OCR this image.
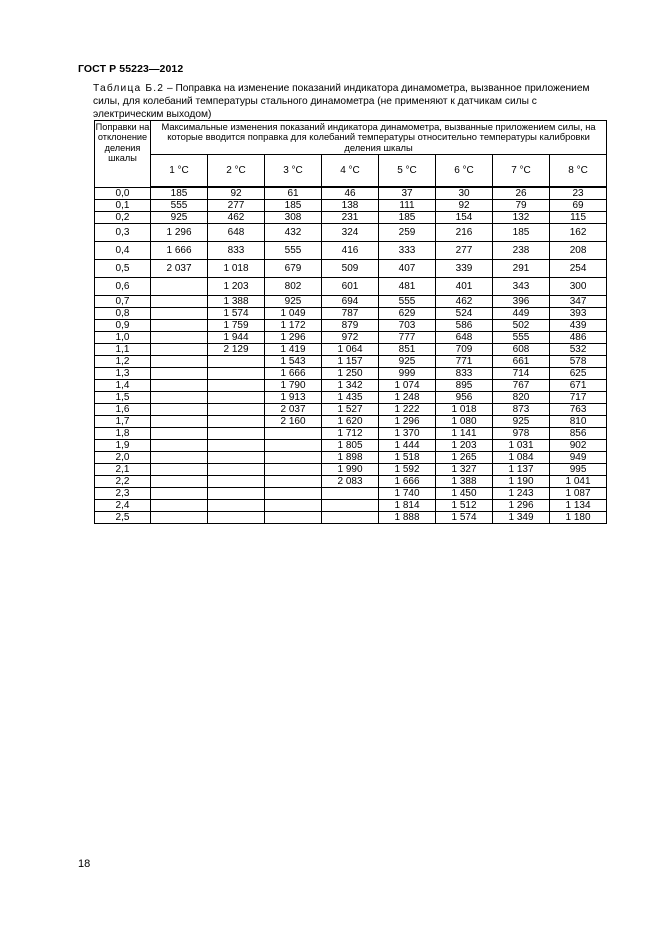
ГОСТ Р 55223—2012

Таблица Б.2 – Поправка на изменение показаний индикатора динамометра, вызванное приложением силы, для колебаний температуры стального динамометра (не применяют к датчикам силы с электрическим выходом)

Поправки на отклонение деления шкалы	Максимальные изменения показаний индикатора динамометра, вызванные приложением силы, на которые вводится поправка для колебаний температуры относительно температуры калибровки деления шкалы							
	1 °C	2 °C	3 °C	4 °C	5 °C	6 °C	7 °C	8 °C
0,0	185	92	61	46	37	30	26	23
0,1	555	277	185	138	111	92	79	69
0,2	925	462	308	231	185	154	132	115
0,3	1 296	648	432	324	259	216	185	162
0,4	1 666	833	555	416	333	277	238	208
0,5	2 037	1 018	679	509	407	339	291	254
0,6		1 203	802	601	481	401	343	300
0,7		1 388	925	694	555	462	396	347
0,8		1 574	1 049	787	629	524	449	393
0,9		1 759	1 172	879	703	586	502	439
1,0		1 944	1 296	972	777	648	555	486
1,1		2 129	1 419	1 064	851	709	608	532
1,2			1 543	1 157	925	771	661	578
1,3			1 666	1 250	999	833	714	625
1,4			1 790	1 342	1 074	895	767	671
1,5			1 913	1 435	1 248	956	820	717
1,6			2 037	1 527	1 222	1 018	873	763
1,7			2 160	1 620	1 296	1 080	925	810
1,8				1 712	1 370	1 141	978	856
1,9				1 805	1 444	1 203	1 031	902
2,0				1 898	1 518	1 265	1 084	949
2,1				1 990	1 592	1 327	1 137	995
2,2				2 083	1 666	1 388	1 190	1 041
2,3					1 740	1 450	1 243	1 087
2,4					1 814	1 512	1 296	1 134
2,5					1 888	1 574	1 349	1 180
18
